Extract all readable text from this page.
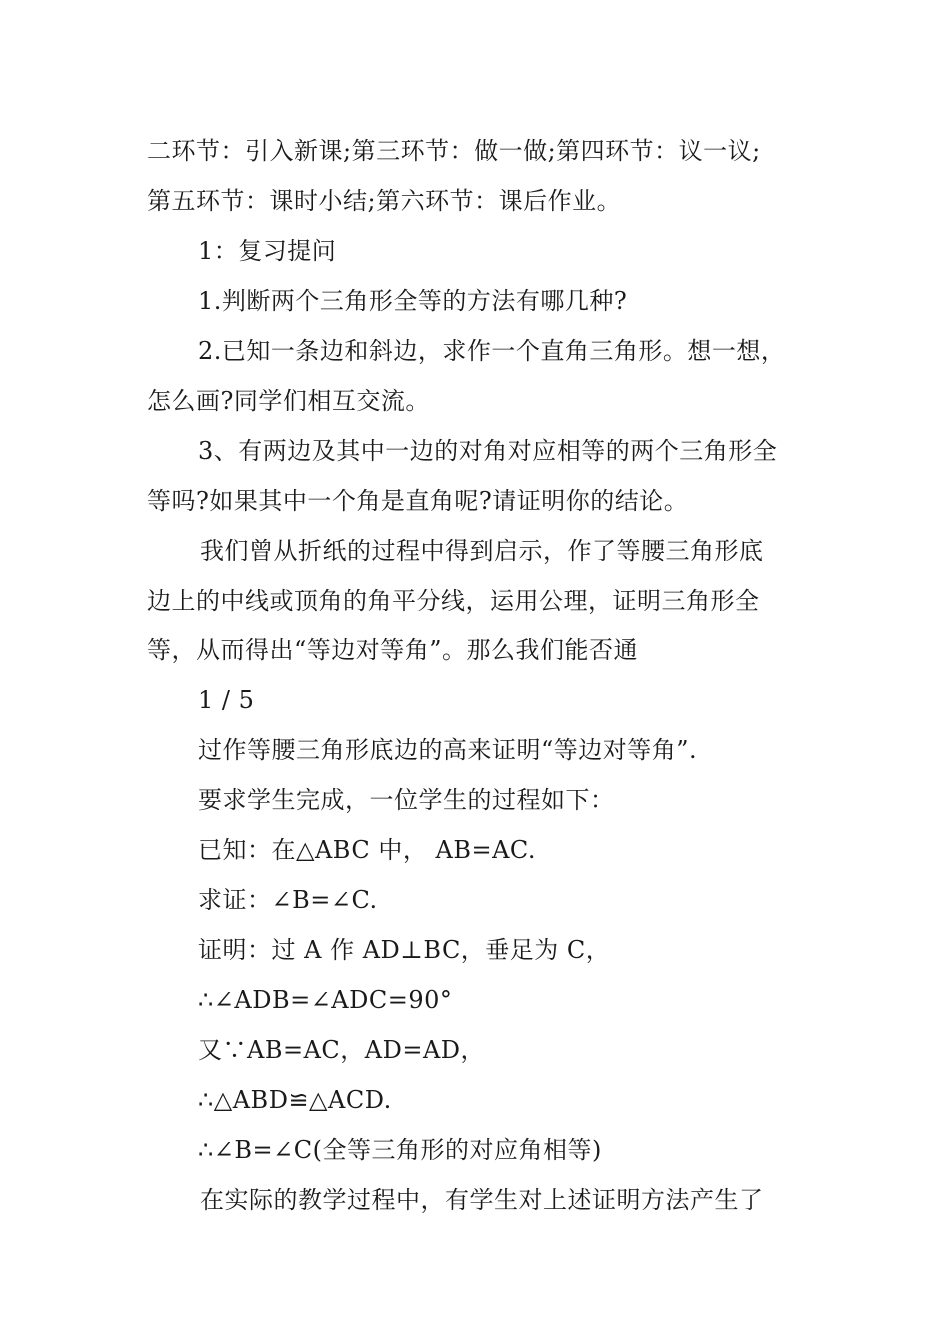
二环节：引入新课;第三环节：做一做;第四环节：议一议;
第五环节：课时小结;第六环节：课后作业。
1：复习提问
1.判断两个三角形全等的方法有哪几种?
2.已知一条边和斜边，求作一个直角三角形。想一想，
怎么画?同学们相互交流。
3、有两边及其中一边的对角对应相等的两个三角形全
等吗?如果其中一个角是直角呢?请证明你的结论。
我们曾从折纸的过程中得到启示，作了等腰三角形底
边上的中线或顶角的角平分线，运用公理，证明三角形全
等，从而得出“等边对等角”。那么我们能否通
1 / 5
过作等腰三角形底边的高来证明“等边对等角”.
要求学生完成，一位学生的过程如下：
已知：在△ABC 中， AB=AC.
求证：∠B=∠C.
证明：过 A 作 AD⊥BC，垂足为 C，
∴∠ADB=∠ADC=90°
又∵AB=AC，AD=AD，
∴△ABD≌△ACD.
∴∠B=∠C(全等三角形的对应角相等)
在实际的教学过程中，有学生对上述证明方法产生了
